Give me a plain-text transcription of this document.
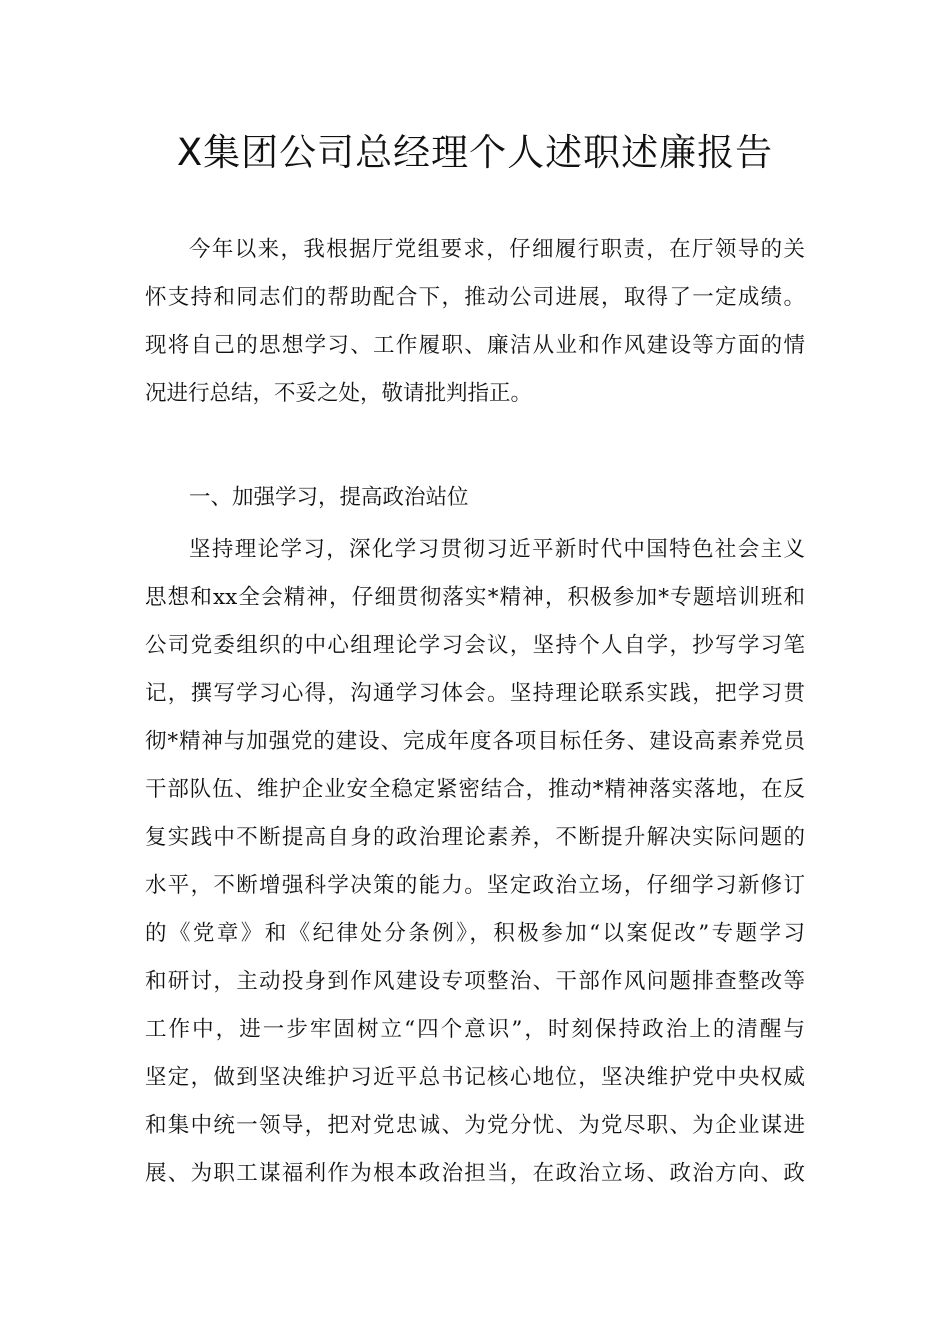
X集团公司总经理个人述职述廉报告
今年以来，我根据厅党组要求，仔细履行职责，在厅领导的关
怀支持和同志们的帮助配合下，推动公司进展，取得了一定成绩。
现将自己的思想学习、工作履职、廉洁从业和作风建设等方面的情
况进行总结，不妥之处，敬请批判指正。
一、加强学习，提高政治站位
坚持理论学习，深化学习贯彻习近平新时代中国特色社会主义
思想和xx全会精神，仔细贯彻落实*精神，积极参加*专题培训班和
公司党委组织的中心组理论学习会议，坚持个人自学，抄写学习笔
记，撰写学习心得，沟通学习体会。坚持理论联系实践，把学习贯
彻*精神与加强党的建设、完成年度各项目标任务、建设高素养党员
干部队伍、维护企业安全稳定紧密结合，推动*精神落实落地，在反
复实践中不断提高自身的政治理论素养，不断提升解决实际问题的
水平，不断增强科学决策的能力。坚定政治立场，仔细学习新修订
的《党章》和《纪律处分条例》，积极参加“以案促改”专题学习
和研讨，主动投身到作风建设专项整治、干部作风问题排查整改等
工作中，进一步牢固树立“四个意识”，时刻保持政治上的清醒与
坚定，做到坚决维护习近平总书记核心地位，坚决维护党中央权威
和集中统一领导，把对党忠诚、为党分忧、为党尽职、为企业谋进
展、为职工谋福利作为根本政治担当，在政治立场、政治方向、政
